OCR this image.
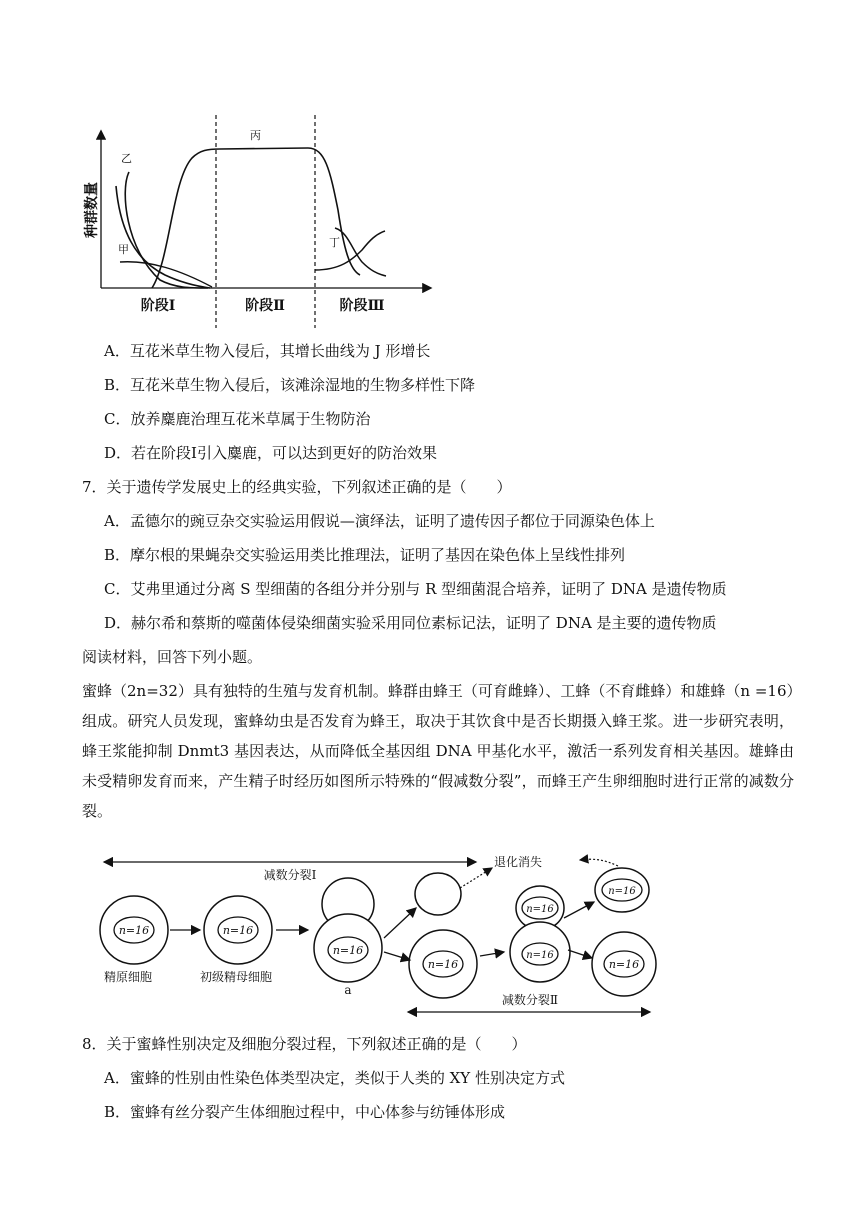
种群数量
乙
甲
丙
丁
阶段Ⅰ	阶段Ⅱ	阶段Ⅲ
A．互花米草生物入侵后，其增长曲线为 J 形增长
B．互花米草生物入侵后，该滩涂湿地的生物多样性下降
C．放养麋鹿治理互花米草属于生物防治
D．若在阶段Ⅰ引入麋鹿，可以达到更好的防治效果
7．关于遗传学发展史上的经典实验，下列叙述正确的是（　　）
A．孟德尔的豌豆杂交实验运用假说—演绎法，证明了遗传因子都位于同源染色体上
B．摩尔根的果蝇杂交实验运用类比推理法，证明了基因在染色体上呈线性排列
C．艾弗里通过分离 S 型细菌的各组分并分别与 R 型细菌混合培养，证明了 DNA 是遗传物质
D．赫尔希和蔡斯的噬菌体侵染细菌实验采用同位素标记法，证明了 DNA 是主要的遗传物质
阅读材料，回答下列小题。
蜜蜂（2n=32）具有独特的生殖与发育机制。蜂群由蜂王（可育雌蜂）、工蜂（不育雌蜂）和雄蜂（n =16）组成。研究人员发现，蜜蜂幼虫是否发育为蜂王，取决于其饮食中是否长期摄入蜂王浆。进一步研究表明，蜂王浆能抑制 Dnmt3 基因表达，从而降低全基因组 DNA 甲基化水平，激活一系列发育相关基因。雄蜂由未受精卵发育而来，产生精子时经历如图所示特殊的“假减数分裂”，而蜂王产生卵细胞时进行正常的减数分裂。
减数分裂Ⅰ
退化消失
n=16
精原细胞
n=16
初级精母细胞
n=16
a
n=16
n=16
n=16
n=16
n=16
减数分裂Ⅱ
8．关于蜜蜂性别决定及细胞分裂过程，下列叙述正确的是（　　）
A．蜜蜂的性别由性染色体类型决定，类似于人类的 XY 性别决定方式
B．蜜蜂有丝分裂产生体细胞过程中，中心体参与纺锤体形成
